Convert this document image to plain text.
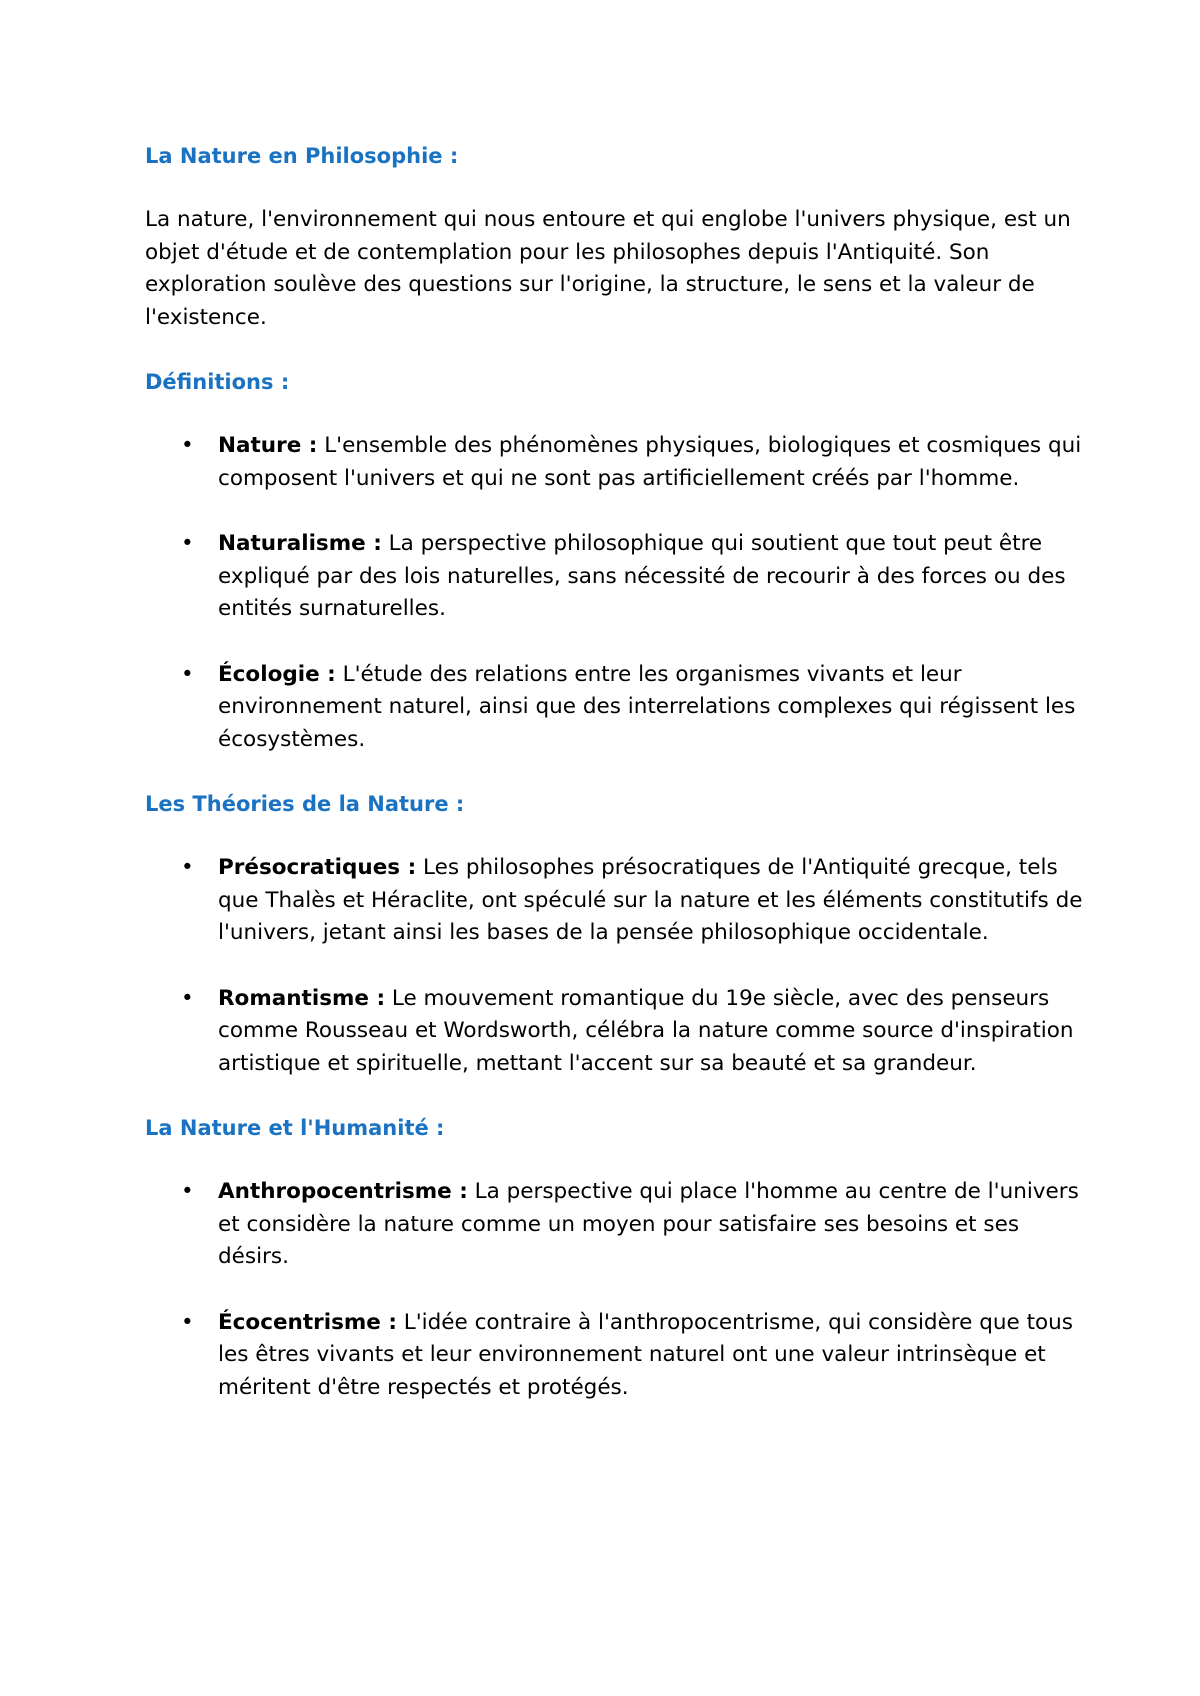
La Nature en Philosophie :

La nature, l'environnement qui nous entoure et qui englobe l'univers physique, est un objet d'étude et de contemplation pour les philosophes depuis l'Antiquité. Son exploration soulève des questions sur l'origine, la structure, le sens et la valeur de l'existence.

Définitions :
• Nature : L'ensemble des phénomènes physiques, biologiques et cosmiques qui composent l'univers et qui ne sont pas artificiellement créés par l'homme.
• Naturalisme : La perspective philosophique qui soutient que tout peut être expliqué par des lois naturelles, sans nécessité de recourir à des forces ou des entités surnaturelles.
• Écologie : L'étude des relations entre les organismes vivants et leur environnement naturel, ainsi que des interrelations complexes qui régissent les écosystèmes.
Les Théories de la Nature :
• Présocratiques : Les philosophes présocratiques de l'Antiquité grecque, tels que Thalès et Héraclite, ont spéculé sur la nature et les éléments constitutifs de l'univers, jetant ainsi les bases de la pensée philosophique occidentale.
• Romantisme : Le mouvement romantique du 19e siècle, avec des penseurs comme Rousseau et Wordsworth, célébra la nature comme source d'inspiration artistique et spirituelle, mettant l'accent sur sa beauté et sa grandeur.
La Nature et l'Humanité :
• Anthropocentrisme : La perspective qui place l'homme au centre de l'univers et considère la nature comme un moyen pour satisfaire ses besoins et ses désirs.
• Écocentrisme : L'idée contraire à l'anthropocentrisme, qui considère que tous les êtres vivants et leur environnement naturel ont une valeur intrinsèque et méritent d'être respectés et protégés.
